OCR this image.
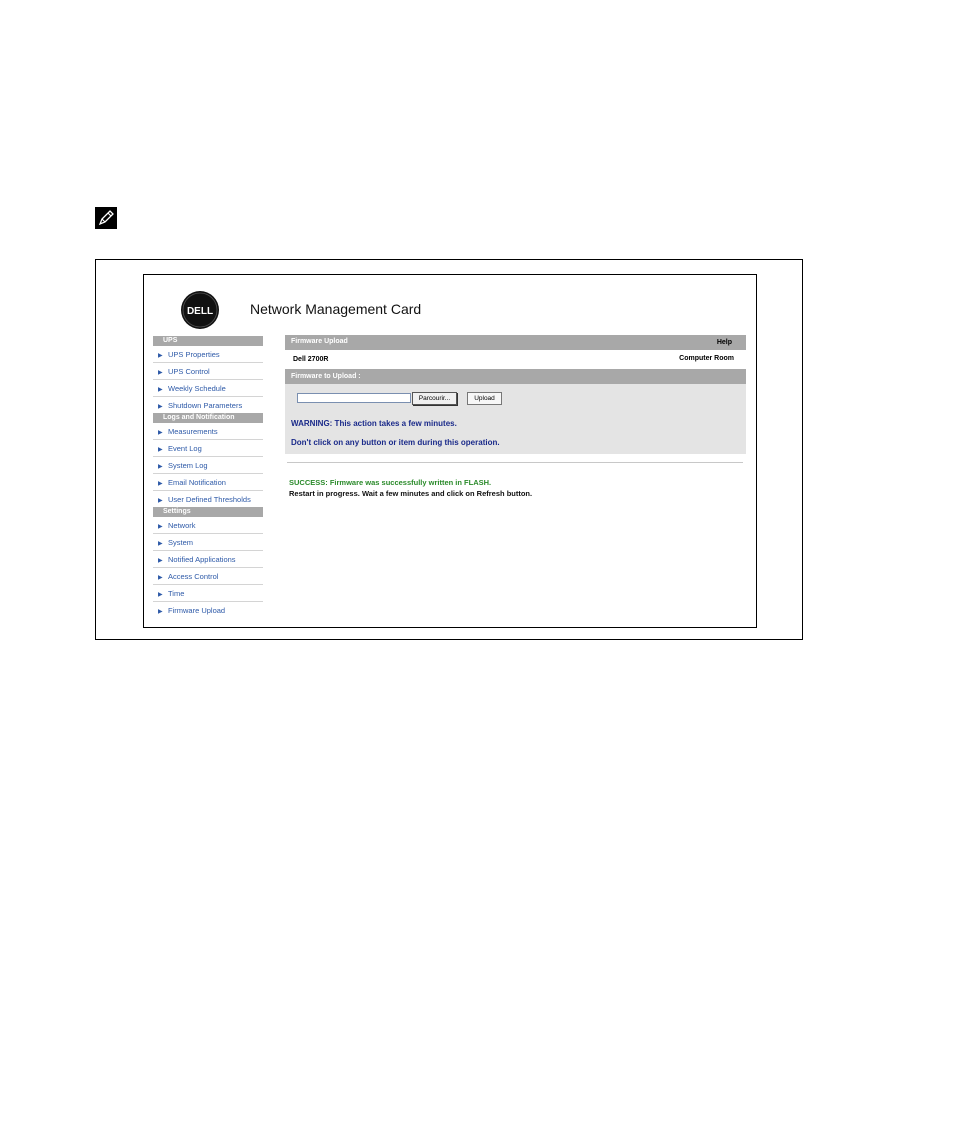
DELL	Network Management Card
UPS
▶ UPS Properties
▶ UPS Control
▶ Weekly Schedule
▶ Shutdown Parameters
Logs and Notification
▶ Measurements
▶ Event Log
▶ System Log
▶ Email Notification
▶ User Defined Thresholds
Settings
▶ Network
▶ System
▶ Notified Applications
▶ Access Control
▶ Time
▶ Firmware Upload
Firmware Upload	Help
Dell 2700R	Computer Room
Firmware to Upload :
Parcourir...	Upload
WARNING: This action takes a few minutes.
Don't click on any button or item during this operation.
SUCCESS: Firmware was successfully written in FLASH.
Restart in progress. Wait a few minutes and click on Refresh button.
